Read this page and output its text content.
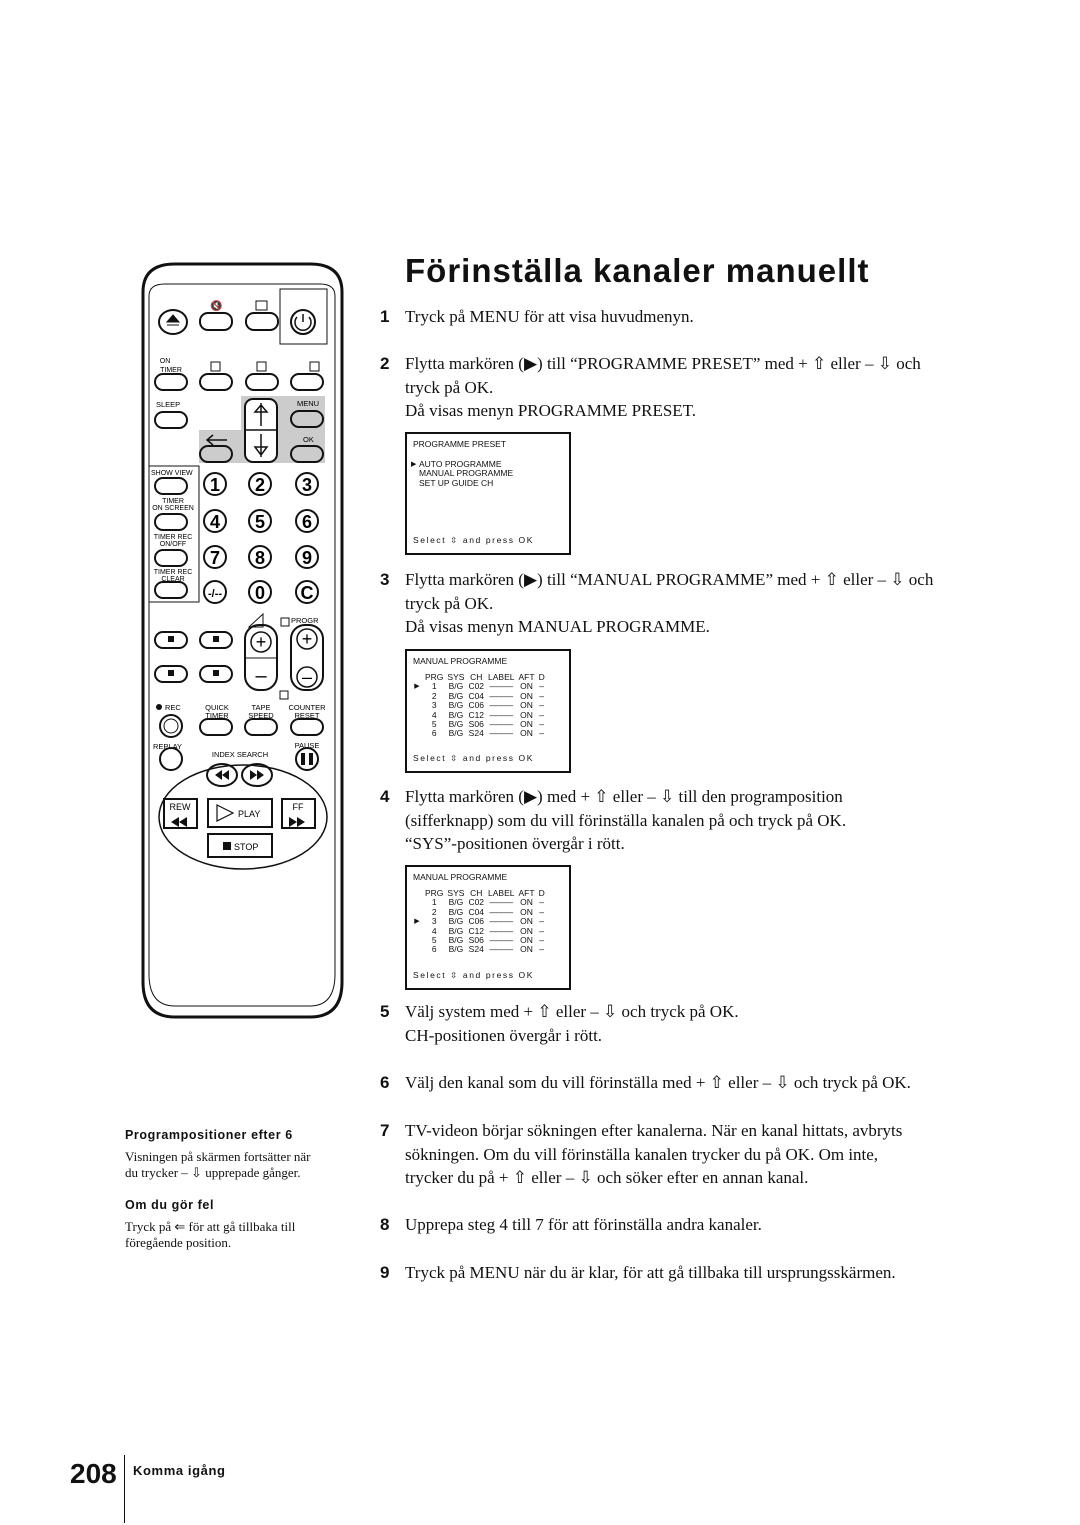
Förinställa kanaler manuellt
🔇
ON
TIMER
SLEEP	MENU
OK
SHOW VIEW
TIMER
ON SCREEN
TIMER REC
ON/OFF
TIMER REC
CLEAR
1 2 3
4 5 6
7 8 9
-/-- 0 C
PROGR
+
–
+
–
REC	QUICK
TIMER
TAPE
SPEED
COUNTER
RESET
REPLAY
INDEX SEARCH
PAUSE
REW
PLAY
FF
STOP
1 Tryck på MENU för att visa huvudmenyn.
2 Flytta markören (▶) till “PROGRAMME PRESET” med + ⇧ eller – ⇩ och
tryck på OK.
Då visas menyn PROGRAMME PRESET.
PROGRAMME PRESET
▶ AUTO PROGRAMME
MANUAL PROGRAMME
SET UP GUIDE CH
Select ⇳ and press OK
3 Flytta markören (▶) till “MANUAL PROGRAMME” med + ⇧ eller – ⇩ och
tryck på OK.
Då visas menyn MANUAL PROGRAMME.
MANUAL PROGRAMME
	PRG	SYS	CH	LABEL	AFT	D
▶	1	B/G	C02	–––––	ON	–
	2	B/G	C04	–––––	ON	–
	3	B/G	C06	–––––	ON	–
	4	B/G	C12	–––––	ON	–
	5	B/G	S06	–––––	ON	–
	6	B/G	S24	–––––	ON	–
Select ⇳ and press OK
4 Flytta markören (▶) med + ⇧ eller – ⇩ till den programposition
(sifferknapp) som du vill förinställa kanalen på och tryck på OK.
“SYS”-positionen övergår i rött.
MANUAL PROGRAMME
	PRG	SYS	CH	LABEL	AFT	D
	1	B/G	C02	–––––	ON	–
	2	B/G	C04	–––––	ON	–
▶	3	B/G	C06	–––––	ON	–
	4	B/G	C12	–––––	ON	–
	5	B/G	S06	–––––	ON	–
	6	B/G	S24	–––––	ON	–
Select ⇳ and press OK
5 Välj system med + ⇧ eller – ⇩ och tryck på OK.
CH-positionen övergår i rött.
6 Välj den kanal som du vill förinställa med + ⇧ eller – ⇩ och tryck på OK.
7 TV-videon börjar sökningen efter kanalerna. När en kanal hittats, avbryts
sökningen. Om du vill förinställa kanalen trycker du på OK. Om inte,
trycker du på + ⇧ eller – ⇩ och söker efter en annan kanal.
8 Upprepa steg 4 till 7 för att förinställa andra kanaler.
9 Tryck på MENU när du är klar, för att gå tillbaka till ursprungsskärmen.
Programpositioner efter 6
Visningen på skärmen fortsätter när
du trycker – ⇩ upprepade gånger.
Om du gör fel
Tryck på ⇐ för att gå tillbaka till
föregående position.
208 Komma igång
